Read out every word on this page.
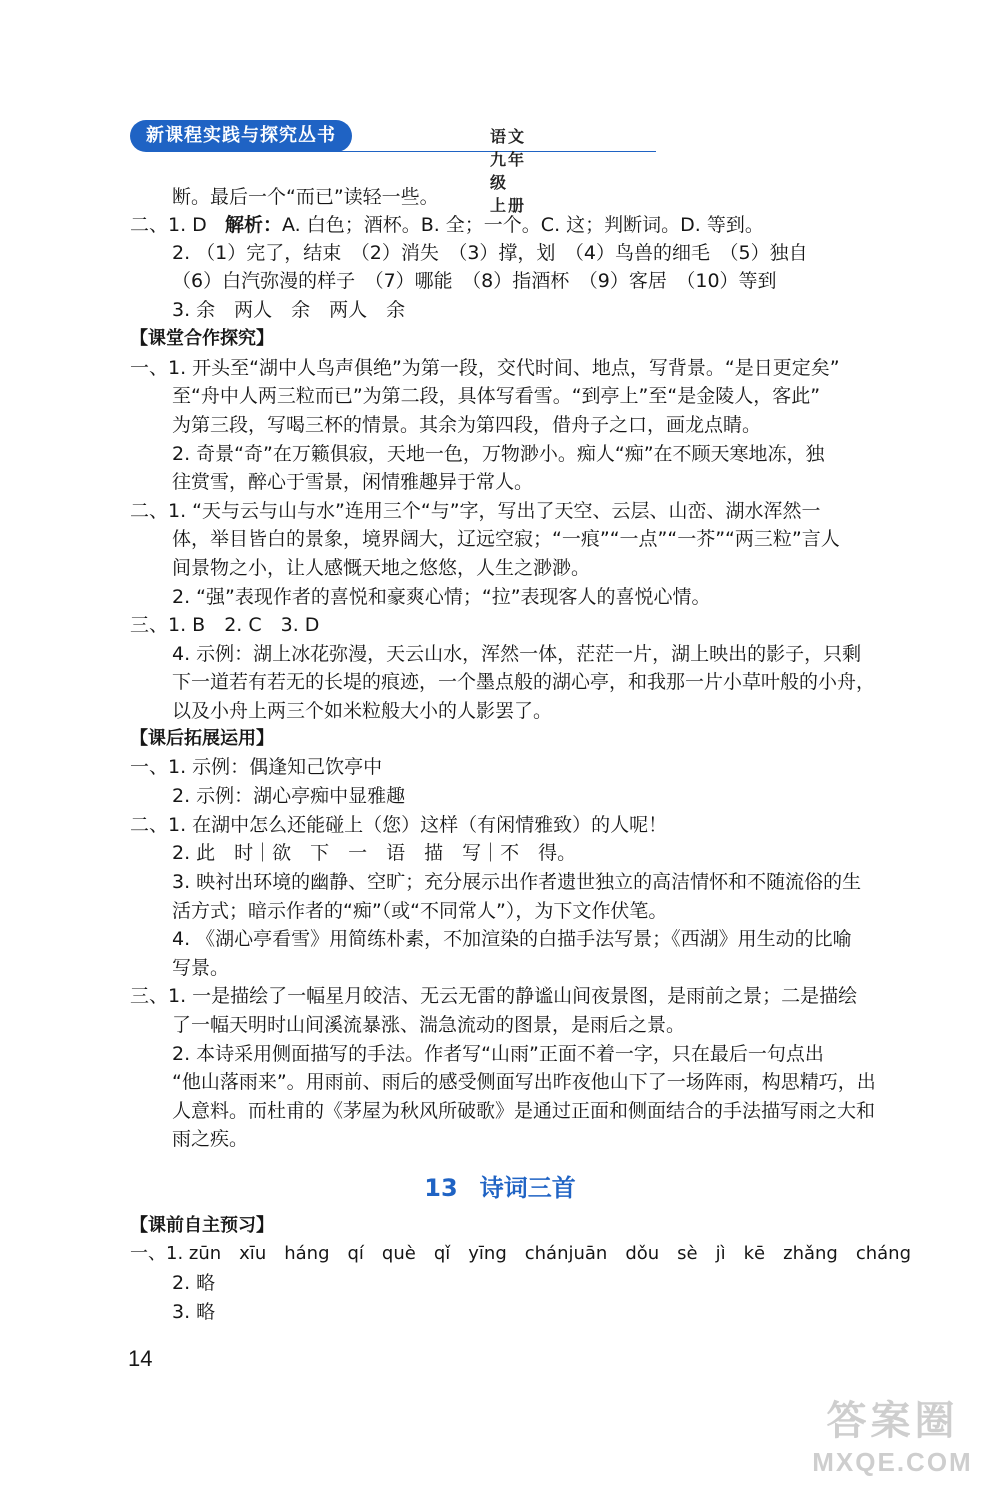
新课程实践与探究丛书	语文 九年级 上册
断。最后一个“而已”读轻一些。
二、1. D 解析：A. 白色；酒杯。B. 全；一个。C. 这；判断词。D. 等到。
2. （1）完了，结束　（2）消失　（3）撑，划　（4）鸟兽的细毛　（5）独自
（6）白汽弥漫的样子　（7）哪能　（8）指酒杯　（9）客居　（10）等到
3. 余　两人　余　两人　余
【课堂合作探究】
一、1. 开头至“湖中人鸟声俱绝”为第一段，交代时间、地点，写背景。“是日更定矣”
至“舟中人两三粒而已”为第二段，具体写看雪。“到亭上”至“是金陵人，客此”
为第三段，写喝三杯的情景。其余为第四段，借舟子之口，画龙点睛。
2. 奇景“奇”在万籁俱寂，天地一色，万物渺小。痴人“痴”在不顾天寒地冻，独
往赏雪，醉心于雪景，闲情雅趣异于常人。
二、1. “天与云与山与水”连用三个“与”字，写出了天空、云层、山峦、湖水浑然一
体，举目皆白的景象，境界阔大，辽远空寂；“一痕”“一点”“一芥”“两三粒”言人
间景物之小，让人感慨天地之悠悠，人生之渺渺。
2. “强”表现作者的喜悦和豪爽心情；“拉”表现客人的喜悦心情。
三、1. B　2. C　3. D
4. 示例：湖上冰花弥漫，天云山水，浑然一体，茫茫一片，湖上映出的影子，只剩
下一道若有若无的长堤的痕迹，一个墨点般的湖心亭，和我那一片小草叶般的小舟，
以及小舟上两三个如米粒般大小的人影罢了。
【课后拓展运用】
一、1. 示例：偶逢知己饮亭中
2. 示例：湖心亭痴中显雅趣
二、1. 在湖中怎么还能碰上（您）这样（有闲情雅致）的人呢！
2. 此　时｜欲　下　一　语　描　写｜不　得。
3. 映衬出环境的幽静、空旷；充分展示出作者遗世独立的高洁情怀和不随流俗的生
活方式；暗示作者的“痴”（或“不同常人”），为下文作伏笔。
4. 《湖心亭看雪》用简练朴素，不加渲染的白描手法写景；《西湖》用生动的比喻
写景。
三、1. 一是描绘了一幅星月皎洁、无云无雷的静谧山间夜景图，是雨前之景；二是描绘
了一幅天明时山间溪流暴涨、湍急流动的图景，是雨后之景。
2. 本诗采用侧面描写的手法。作者写“山雨”正面不着一字，只在最后一句点出
“他山落雨来”。用雨前、雨后的感受侧面写出昨夜他山下了一场阵雨，构思精巧，出
人意料。而杜甫的《茅屋为秋风所破歌》是通过正面和侧面结合的手法描写雨之大和
雨之疾。
13 诗词三首
【课前自主预习】
一、1. zūn　xīu　háng　qí　què　qǐ　yīng　chánjuān　dǒu　sè　jì　kē　zhǎng　cháng
2. 略
3. 略
14
答案圈
MXQE.COM
